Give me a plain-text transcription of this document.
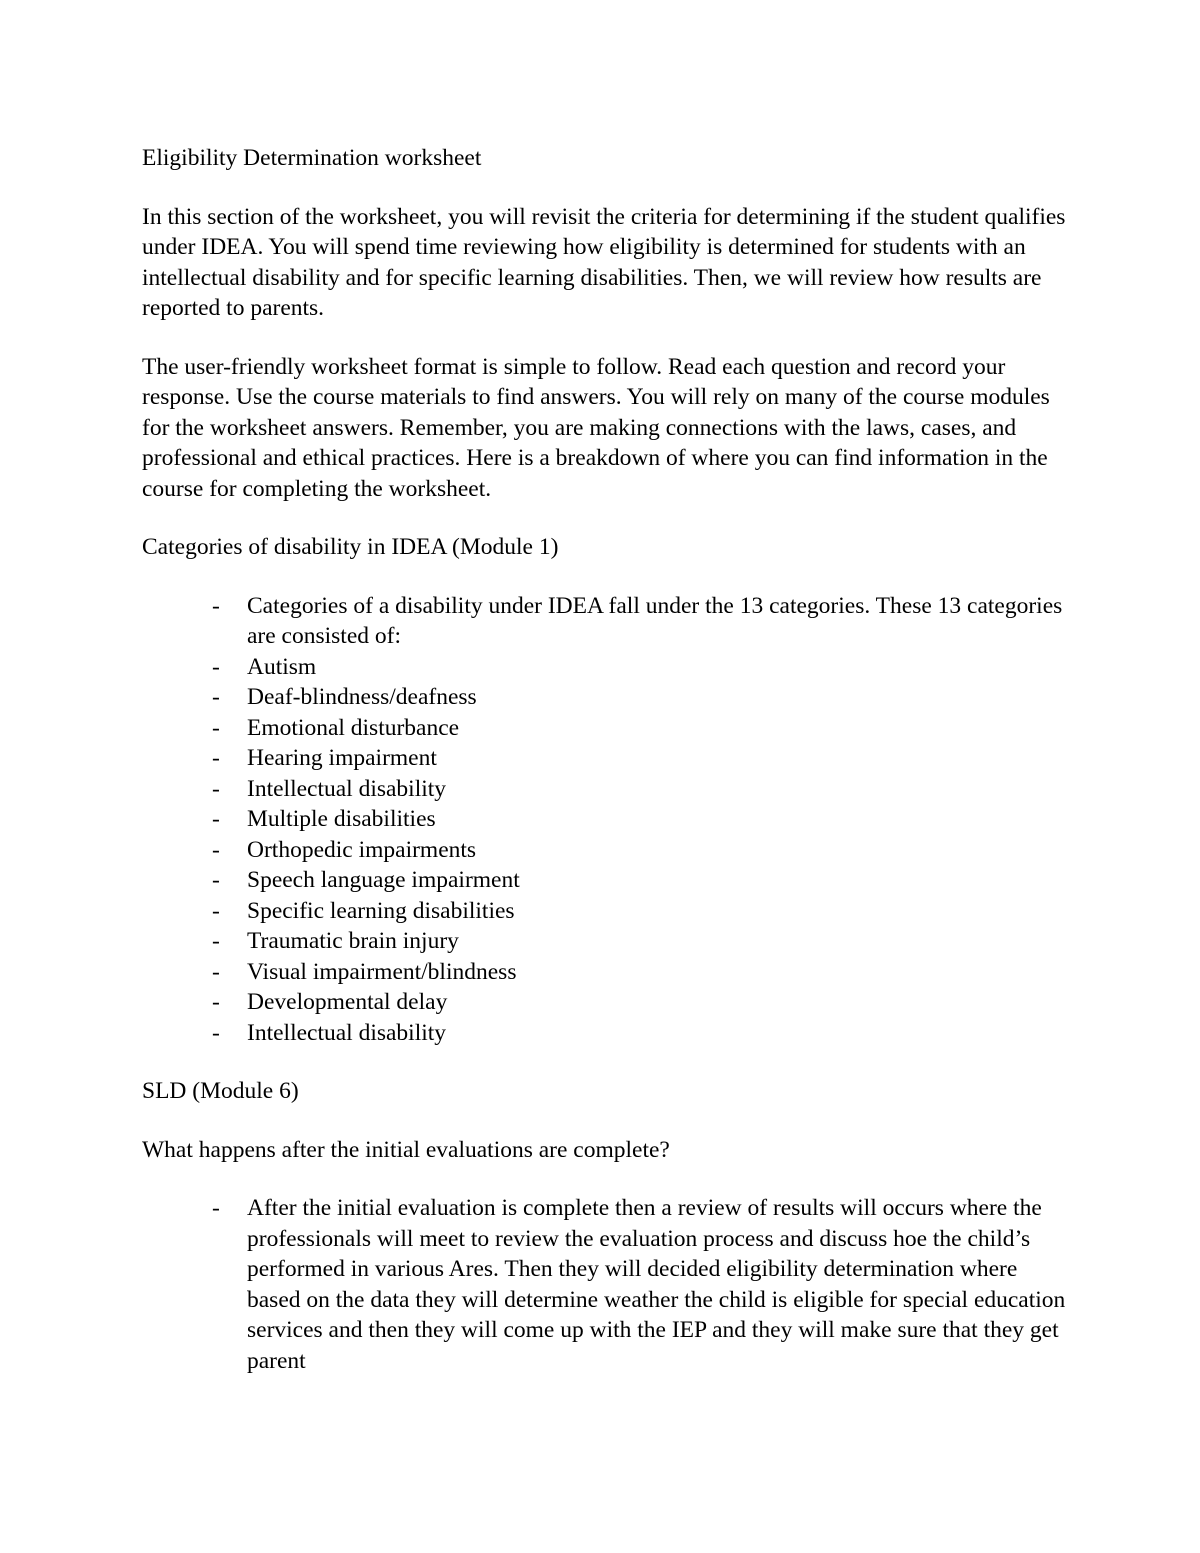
Eligibility Determination worksheet

In this section of the worksheet, you will revisit the criteria for determining if the student qualifies under IDEA. You will spend time reviewing how eligibility is determined for students with an intellectual disability and for specific learning disabilities. Then, we will review how results are reported to parents.

The user-friendly worksheet format is simple to follow. Read each question and record your response. Use the course materials to find answers. You will rely on many of the course modules for the worksheet answers. Remember, you are making connections with the laws, cases, and professional and ethical practices. Here is a breakdown of where you can find information in the course for completing the worksheet.

Categories of disability in IDEA (Module 1)

- Categories of a disability under IDEA fall under the 13 categories. These 13 categories are consisted of:
- Autism
- Deaf-blindness/deafness
- Emotional disturbance
- Hearing impairment
- Intellectual disability
- Multiple disabilities
- Orthopedic impairments
- Speech language impairment
- Specific learning disabilities
- Traumatic brain injury
- Visual impairment/blindness
- Developmental delay
- Intellectual disability

SLD (Module 6)

What happens after the initial evaluations are complete?

- After the initial evaluation is complete then a review of results will occurs where the professionals will meet to review the evaluation process and discuss hoe the child’s performed in various Ares. Then they will decided eligibility determination where based on the data they will determine weather the child is eligible for special education services and then they will come up with the IEP and they will make sure that they get parent
